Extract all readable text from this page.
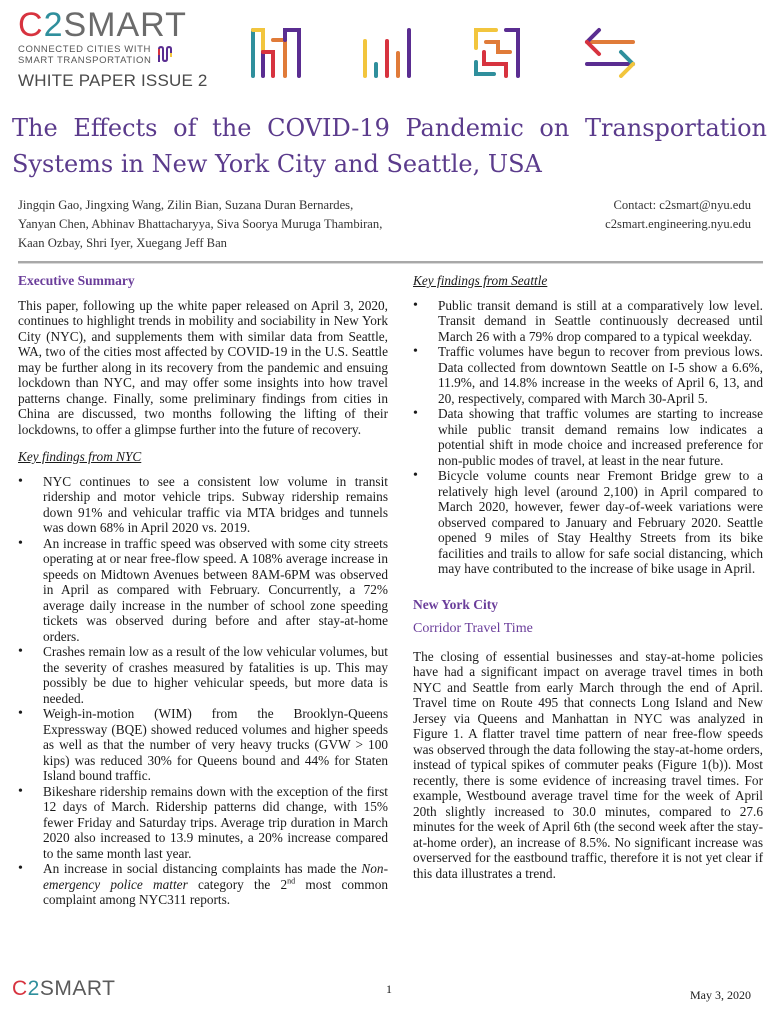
C2SMART
CONNECTED CITIES WITH
SMART TRANSPORTATION
WHITE PAPER ISSUE 2
The Effects of the COVID-19 Pandemic on Transportation
Systems in New York City and Seattle, USA
Jingqin Gao, Jingxing Wang, Zilin Bian, Suzana Duran Bernardes,
Yanyan Chen, Abhinav Bhattacharyya, Siva Soorya Muruga Thambiran,
Kaan Ozbay, Shri Iyer, Xuegang Jeff Ban
Contact: c2smart@nyu.edu
c2smart.engineering.nyu.edu
Executive Summary

This paper, following up the white paper released on April 3, 2020, continues to highlight trends in mobility and sociability in New York City (NYC), and supplements them with similar data from Seattle, WA, two of the cities most affected by COVID-19 in the U.S. Seattle may be further along in its recovery from the pandemic and ensuing lockdown than NYC, and may offer some insights into how travel patterns change. Finally, some preliminary findings from cities in China are discussed, two months following the lifting of their lockdowns, to offer a glimpse further into the future of recovery.

Key findings from NYC
• NYC continues to see a consistent low volume in transit ridership and motor vehicle trips. Subway ridership remains down 91% and vehicular traffic via MTA bridges and tunnels was down 68% in April 2020 vs. 2019.
• An increase in traffic speed was observed with some city streets operating at or near free-flow speed. A 108% average increase in speeds on Midtown Avenues between 8AM-6PM was observed in April as compared with February. Concurrently, a 72% average daily increase in the number of school zone speeding tickets was observed during before and after stay-at-home orders.
• Crashes remain low as a result of the low vehicular volumes, but the severity of crashes measured by fatalities is up. This may possibly be due to higher vehicular speeds, but more data is needed.
• Weigh-in-motion (WIM) from the Brooklyn-Queens Expressway (BQE) showed reduced volumes and higher speeds as well as that the number of very heavy trucks (GVW > 100 kips) was reduced 30% for Queens bound and 44% for Staten Island bound traffic.
• Bikeshare ridership remains down with the exception of the first 12 days of March. Ridership patterns did change, with 15% fewer Friday and Saturday trips. Average trip duration in March 2020 also increased to 13.9 minutes, a 20% increase compared to the same month last year.
• An increase in social distancing complaints has made the Non-emergency police matter category the 2nd most common complaint among NYC311 reports.
Key findings from Seattle
• Public transit demand is still at a comparatively low level. Transit demand in Seattle continuously decreased until March 26 with a 79% drop compared to a typical weekday.
• Traffic volumes have begun to recover from previous lows. Data collected from downtown Seattle on I-5 show a 6.6%, 11.9%, and 14.8% increase in the weeks of April 6, 13, and 20, respectively, compared with March 30-April 5.
• Data showing that traffic volumes are starting to increase while public transit demand remains low indicates a potential shift in mode choice and increased preference for non-public modes of travel, at least in the near future.
• Bicycle volume counts near Fremont Bridge grew to a relatively high level (around 2,100) in April compared to March 2020, however, fewer day-of-week variations were observed compared to January and February 2020. Seattle opened 9 miles of Stay Healthy Streets from its bike facilities and trails to allow for safe social distancing, which may have contributed to the increase of bike usage in April.
New York City
Corridor Travel Time

The closing of essential businesses and stay-at-home policies have had a significant impact on average travel times in both NYC and Seattle from early March through the end of April. Travel time on Route 495 that connects Long Island and New Jersey via Queens and Manhattan in NYC was analyzed in Figure 1. A flatter travel time pattern of near free-flow speeds was observed through the data following the stay-at-home orders, instead of typical spikes of commuter peaks (Figure 1(b)). Most recently, there is some evidence of increasing travel times. For example, Westbound average travel time for the week of April 20th slightly increased to 30.0 minutes, compared to 27.6 minutes for the week of April 6th (the second week after the stay-at-home order), an increase of 8.5%. No significant increase was overserved for the eastbound traffic, therefore it is not yet clear if this data illustrates a trend.

C2SMART	1	May 3, 2020
